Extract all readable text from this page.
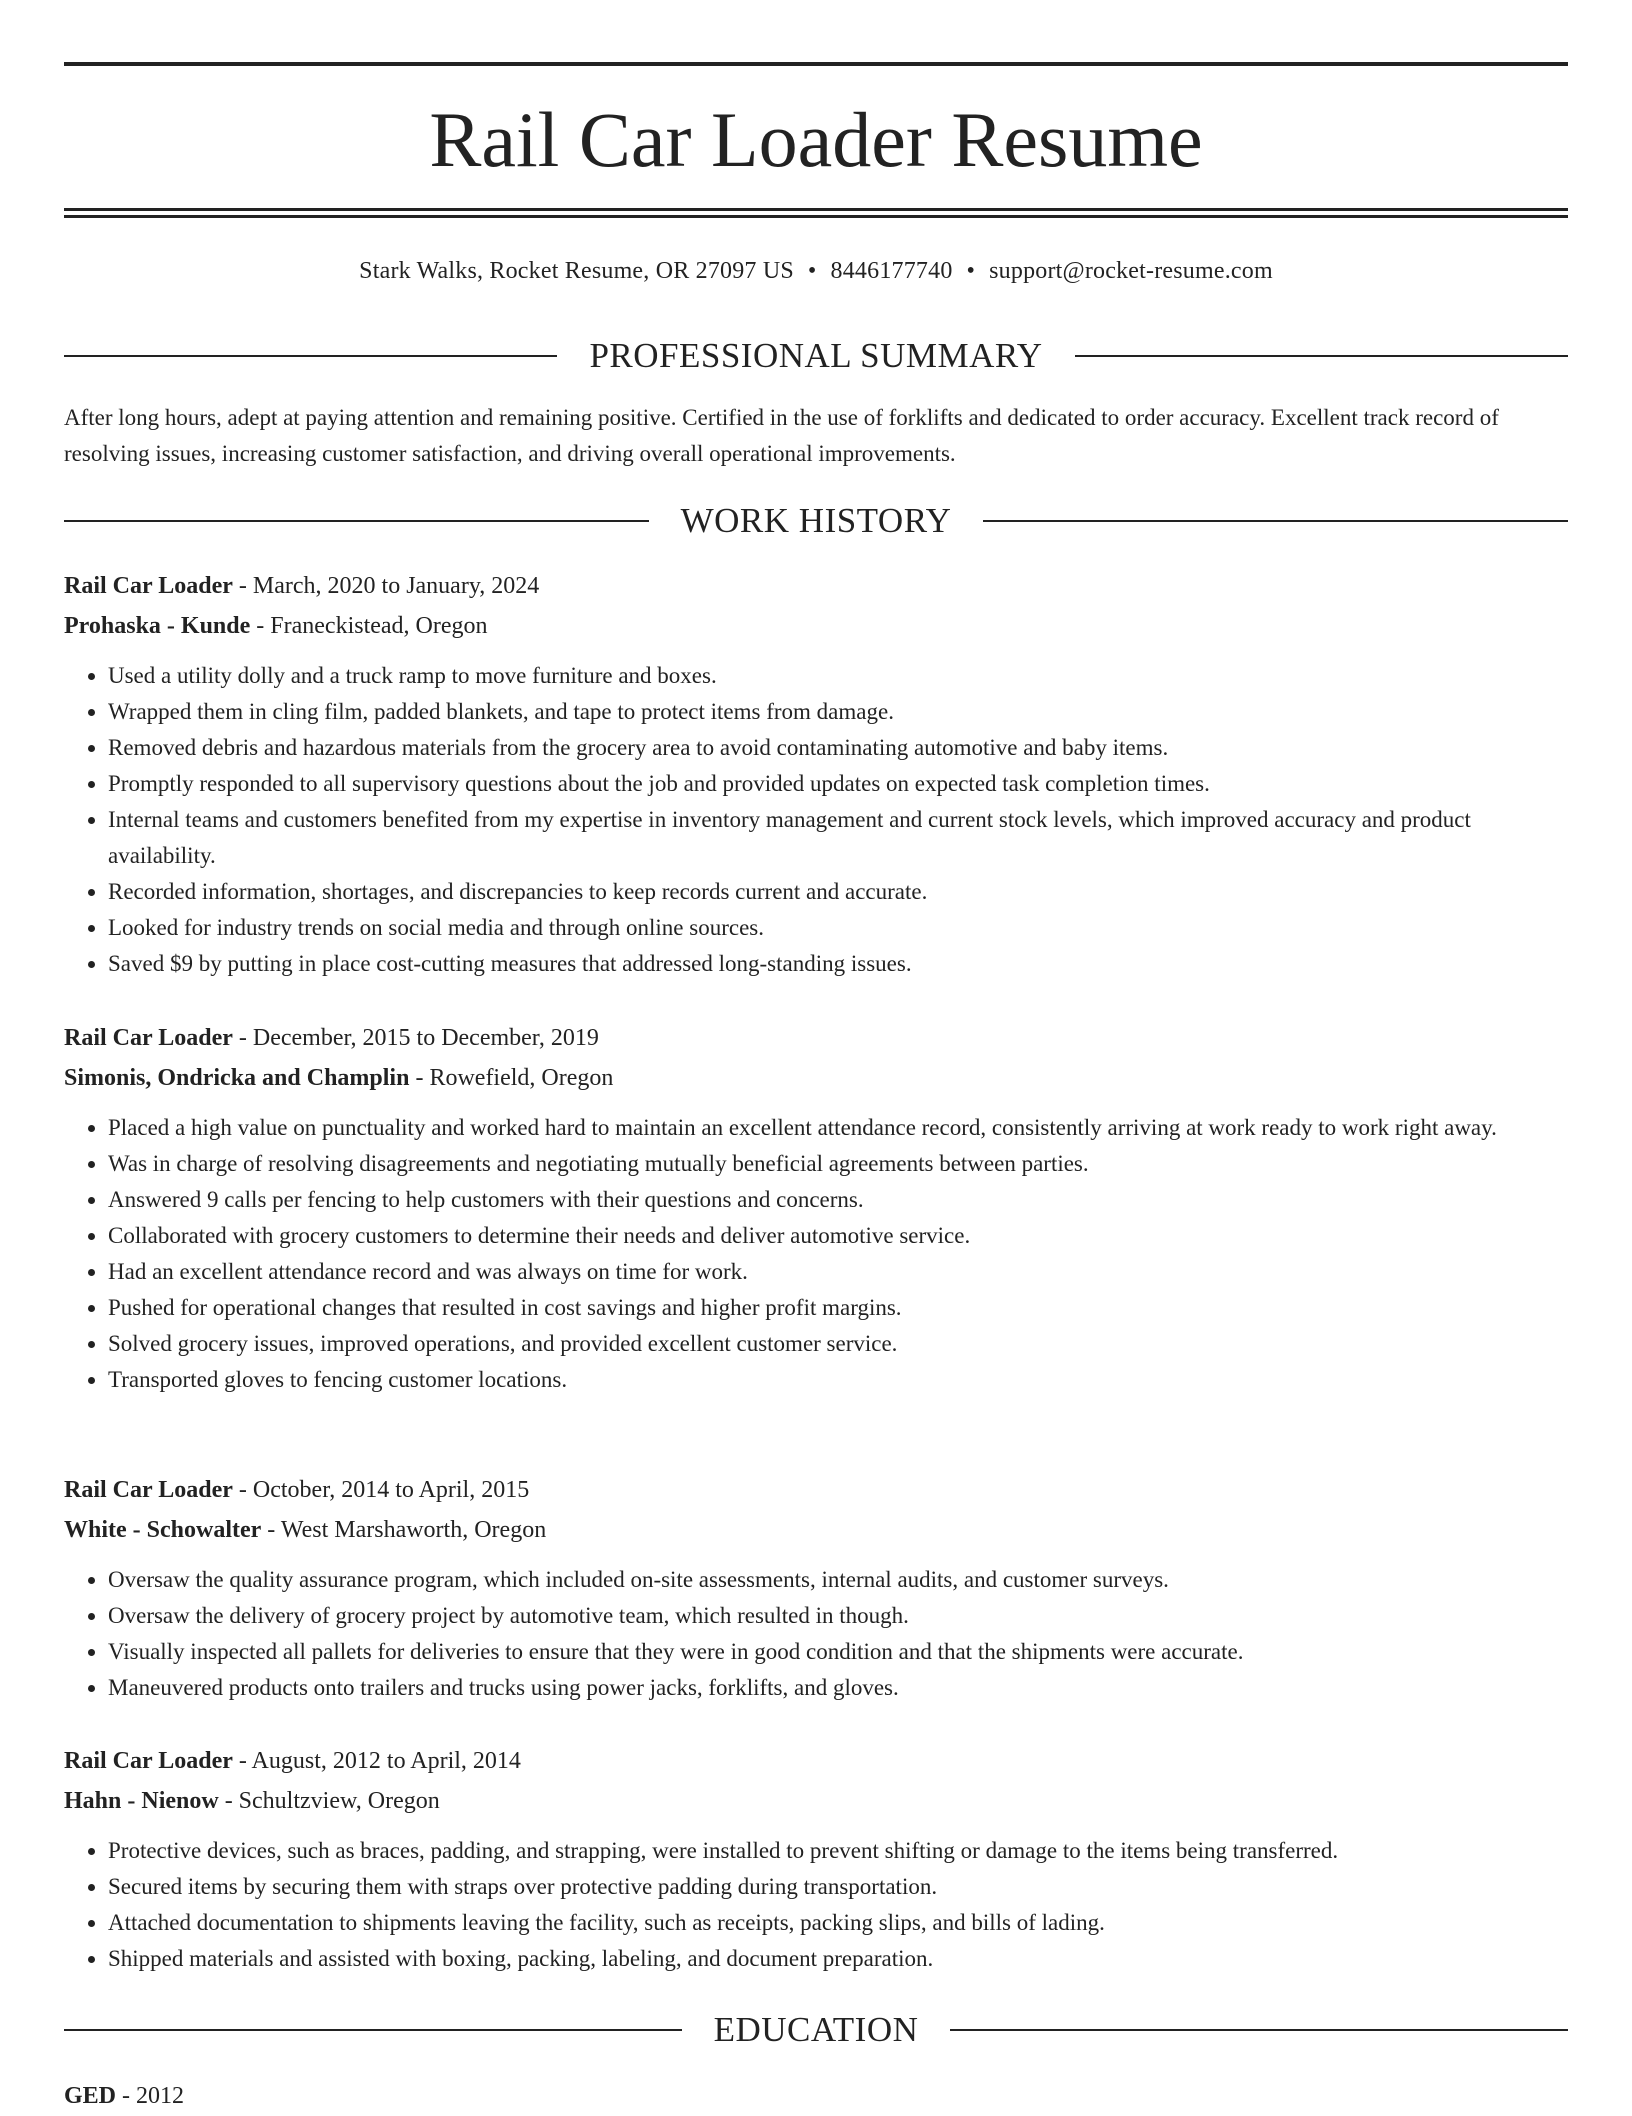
Rail Car Loader Resume
Stark Walks, Rocket Resume, OR 27097 US • 8446177740 • support@rocket-resume.com
PROFESSIONAL SUMMARY

After long hours, adept at paying attention and remaining positive. Certified in the use of forklifts and dedicated to order accuracy. Excellent track record of resolving issues, increasing customer satisfaction, and driving overall operational improvements.

WORK HISTORY
Rail Car Loader - March, 2020 to January, 2024
Prohaska - Kunde - Franeckistead, Oregon
• Used a utility dolly and a truck ramp to move furniture and boxes.
• Wrapped them in cling film, padded blankets, and tape to protect items from damage.
• Removed debris and hazardous materials from the grocery area to avoid contaminating automotive and baby items.
• Promptly responded to all supervisory questions about the job and provided updates on expected task completion times.
• Internal teams and customers benefited from my expertise in inventory management and current stock levels, which improved accuracy and product availability.
• Recorded information, shortages, and discrepancies to keep records current and accurate.
• Looked for industry trends on social media and through online sources.
• Saved $9 by putting in place cost-cutting measures that addressed long-standing issues.
Rail Car Loader - December, 2015 to December, 2019
Simonis, Ondricka and Champlin - Rowefield, Oregon
• Placed a high value on punctuality and worked hard to maintain an excellent attendance record, consistently arriving at work ready to work right away.
• Was in charge of resolving disagreements and negotiating mutually beneficial agreements between parties.
• Answered 9 calls per fencing to help customers with their questions and concerns.
• Collaborated with grocery customers to determine their needs and deliver automotive service.
• Had an excellent attendance record and was always on time for work.
• Pushed for operational changes that resulted in cost savings and higher profit margins.
• Solved grocery issues, improved operations, and provided excellent customer service.
• Transported gloves to fencing customer locations.
Rail Car Loader - October, 2014 to April, 2015
White - Schowalter - West Marshaworth, Oregon
• Oversaw the quality assurance program, which included on-site assessments, internal audits, and customer surveys.
• Oversaw the delivery of grocery project by automotive team, which resulted in though.
• Visually inspected all pallets for deliveries to ensure that they were in good condition and that the shipments were accurate.
• Maneuvered products onto trailers and trucks using power jacks, forklifts, and gloves.
Rail Car Loader - August, 2012 to April, 2014
Hahn - Nienow - Schultzview, Oregon
• Protective devices, such as braces, padding, and strapping, were installed to prevent shifting or damage to the items being transferred.
• Secured items by securing them with straps over protective padding during transportation.
• Attached documentation to shipments leaving the facility, such as receipts, packing slips, and bills of lading.
• Shipped materials and assisted with boxing, packing, labeling, and document preparation.
EDUCATION
GED - 2012
